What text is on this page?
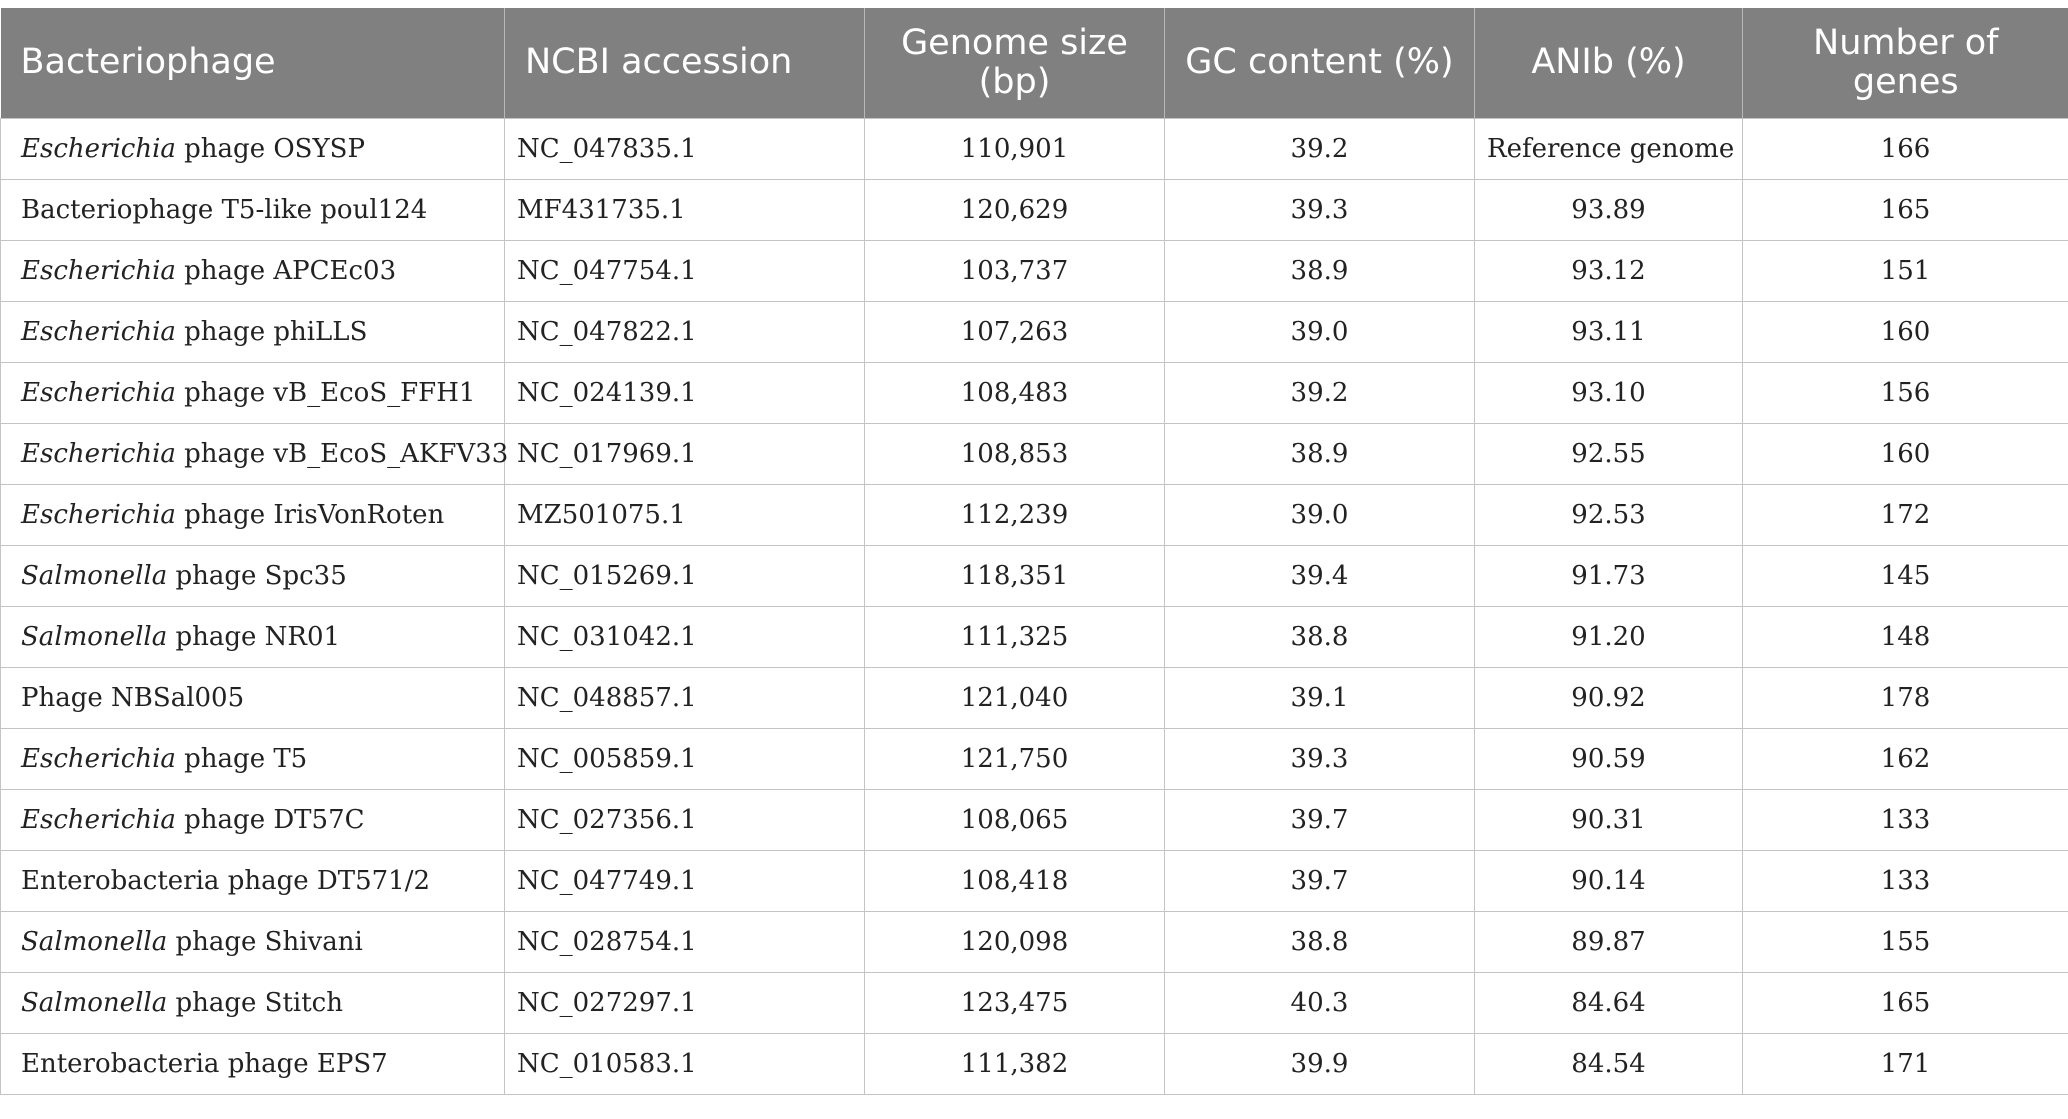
Bacteriophage	NCBI accession	Genome size (bp)	GC content (%)	ANIb (%)	Number of genes
Escherichia phage OSYSP	NC_047835.1	110,901	39.2	Reference genome	166
Bacteriophage T5-like poul124	MF431735.1	120,629	39.3	93.89	165
Escherichia phage APCEc03	NC_047754.1	103,737	38.9	93.12	151
Escherichia phage phiLLS	NC_047822.1	107,263	39.0	93.11	160
Escherichia phage vB_EcoS_FFH1	NC_024139.1	108,483	39.2	93.10	156
Escherichia phage vB_EcoS_AKFV33	NC_017969.1	108,853	38.9	92.55	160
Escherichia phage IrisVonRoten	MZ501075.1	112,239	39.0	92.53	172
Salmonella phage Spc35	NC_015269.1	118,351	39.4	91.73	145
Salmonella phage NR01	NC_031042.1	111,325	38.8	91.20	148
Phage NBSal005	NC_048857.1	121,040	39.1	90.92	178
Escherichia phage T5	NC_005859.1	121,750	39.3	90.59	162
Escherichia phage DT57C	NC_027356.1	108,065	39.7	90.31	133
Enterobacteria phage DT571/2	NC_047749.1	108,418	39.7	90.14	133
Salmonella phage Shivani	NC_028754.1	120,098	38.8	89.87	155
Salmonella phage Stitch	NC_027297.1	123,475	40.3	84.64	165
Enterobacteria phage EPS7	NC_010583.1	111,382	39.9	84.54	171
